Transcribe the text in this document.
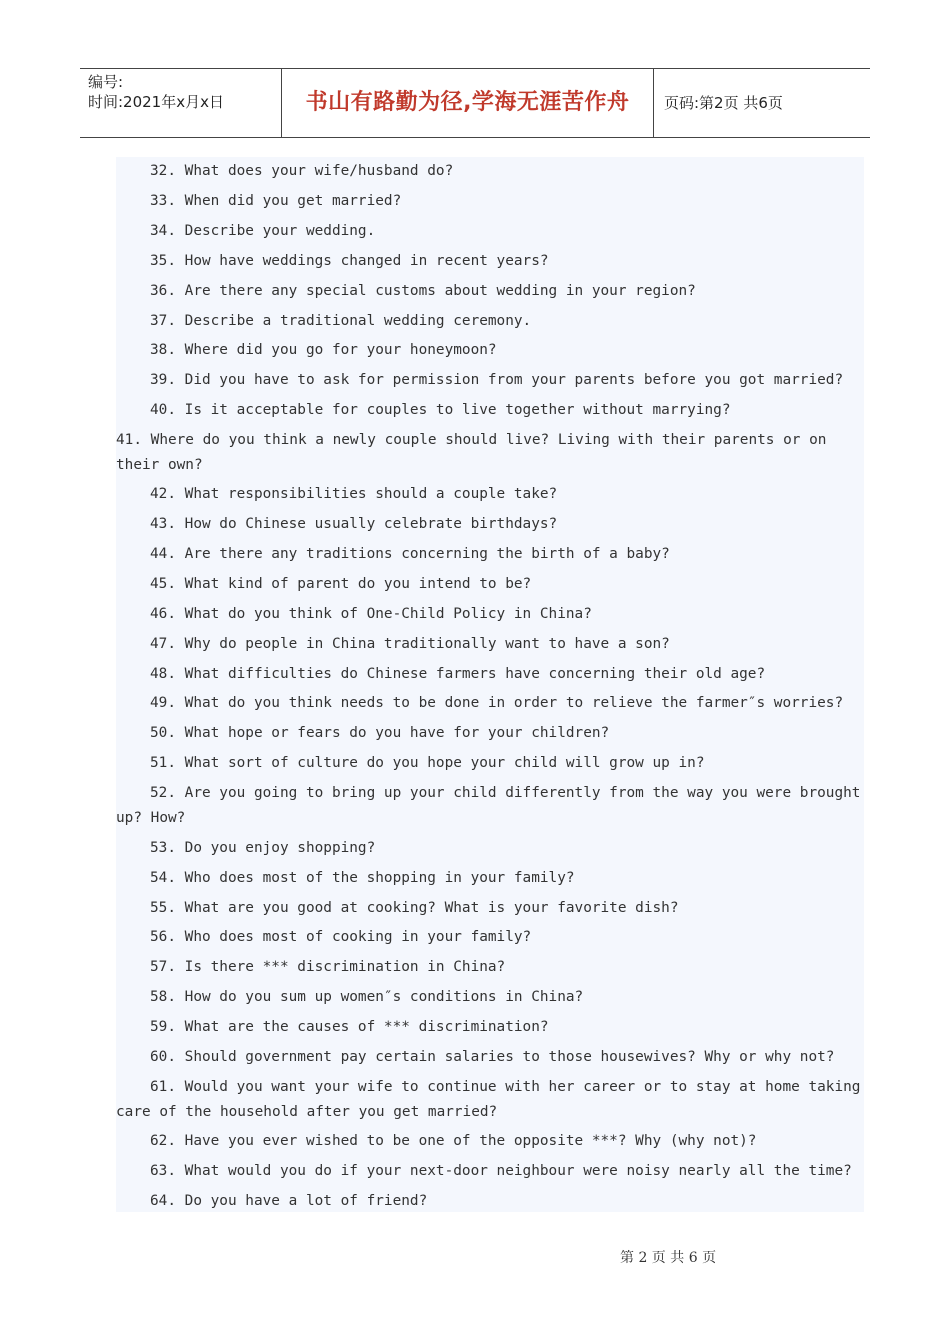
编号:
时间:2021年x月x日	书山有路勤为径,学海无涯苦作舟	页码:第2页 共6页
32. What does your wife/husband do?
33. When did you get married?
34. Describe your wedding.
35. How have weddings changed in recent years?
36. Are there any special customs about wedding in your region?
37. Describe a traditional wedding ceremony.
38. Where did you go for your honeymoon?
39. Did you have to ask for permission from your parents before you got married?
40. Is it acceptable for couples to live together without marrying?
41. Where do you think a newly couple should live? Living with their parents or on their own?
42. What responsibilities should a couple take?
43. How do Chinese usually celebrate birthdays?
44. Are there any traditions concerning the birth of a baby?
45. What kind of parent do you intend to be?
46. What do you think of One-Child Policy in China?
47. Why do people in China traditionally want to have a son?
48. What difficulties do Chinese farmers have concerning their old age?
49. What do you think needs to be done in order to relieve the farmer″s worries?
50. What hope or fears do you have for your children?
51. What sort of culture do you hope your child will grow up in?
52. Are you going to bring up your child differently from the way you were brought up? How?
53. Do you enjoy shopping?
54. Who does most of the shopping in your family?
55. What are you good at cooking? What is your favorite dish?
56. Who does most of cooking in your family?
57. Is there *** discrimination in China?
58. How do you sum up women″s conditions in China?
59. What are the causes of *** discrimination?
60. Should government pay certain salaries to those housewives? Why or why not?
61. Would you want your wife to continue with her career or to stay at home taking care of the household after you get married?
62. Have you ever wished to be one of the opposite ***? Why (why not)?
63. What would you do if your next-door neighbour were noisy nearly all the time?
64. Do you have a lot of friend?
第 2 页 共 6 页
